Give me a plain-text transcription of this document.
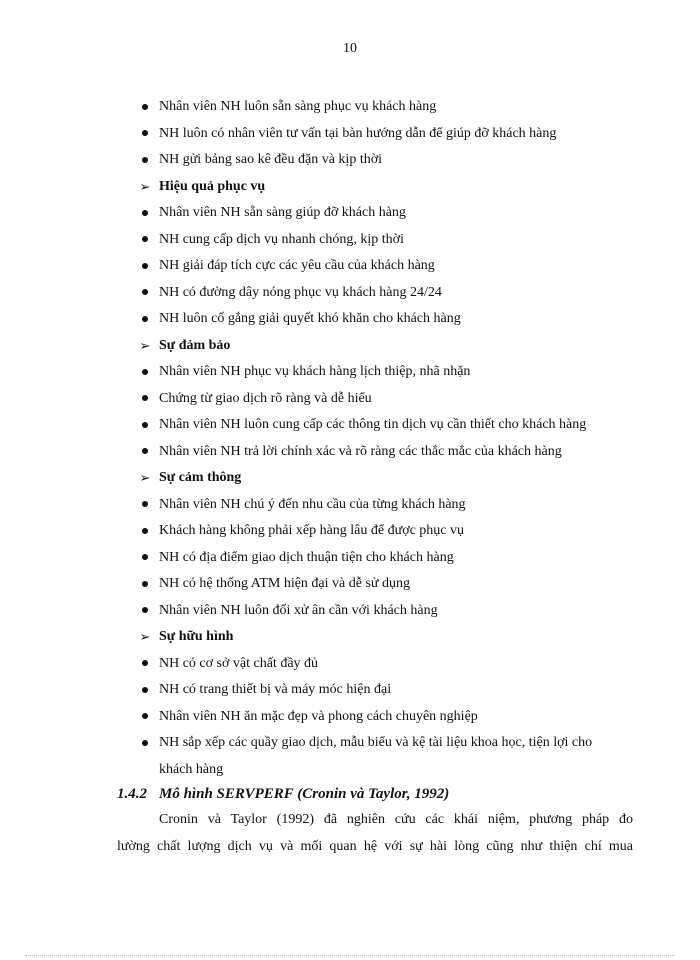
10
Nhân viên NH luôn sẵn sàng phục vụ khách hàng
NH luôn có nhân viên tư vấn tại bàn hướng dẫn để giúp đỡ khách hàng
NH gửi bảng sao kê đều đặn và kịp thời
➢ Hiệu quả phục vụ
Nhân viên NH sẵn sàng giúp đỡ khách hàng
NH cung cấp dịch vụ nhanh chóng, kịp thời
NH giải đáp tích cực các yêu cầu của khách hàng
NH có đường dây nóng phục vụ khách hàng 24/24
NH luôn cố gắng giải quyết khó khăn cho khách hàng
➢ Sự đảm bảo
Nhân viên NH phục vụ khách hàng lịch thiệp, nhã nhặn
Chứng từ giao dịch rõ ràng và dễ hiểu
Nhân viên NH luôn cung cấp các thông tin dịch vụ cần thiết cho khách hàng
Nhân viên NH trả lời chính xác và rõ ràng các thắc mắc của khách hàng
➢ Sự cảm thông
Nhân viên NH chú ý đến nhu cầu của từng khách hàng
Khách hàng không phải xếp hàng lâu để được phục vụ
NH có địa điểm giao dịch thuận tiện cho khách hàng
NH có hệ thống ATM hiện đại và dễ sử dụng
Nhân viên NH luôn đối xử ân cần với khách hàng
➢ Sự hữu hình
NH có cơ sở vật chất đầy đủ
NH có trang thiết bị và máy móc hiện đại
Nhân viên NH ăn mặc đẹp và phong cách chuyên nghiệp
NH sắp xếp các quầy giao dịch, mẫu biểu và kệ tài liệu khoa học, tiện lợi cho
khách hàng
1.4.2 Mô hình SERVPERF (Cronin và Taylor, 1992)
Cronin và Taylor (1992) đã nghiên cứu các khái niệm, phương pháp đo
lường chất lượng dịch vụ và mối quan hệ với sự hài lòng cũng như thiện chí mua
